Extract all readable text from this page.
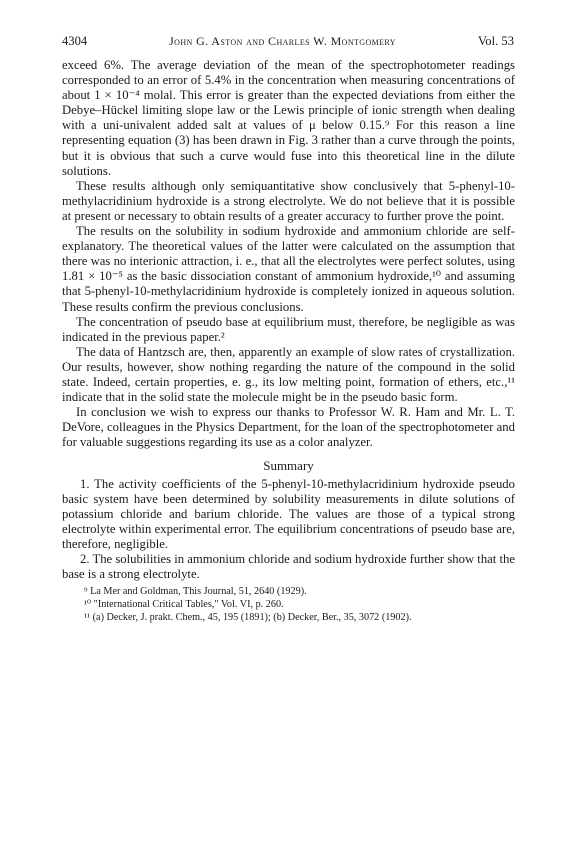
4304	John G. Aston and Charles W. Montgomery	Vol. 53

exceed 6%. The average deviation of the mean of the spectrophotometer readings corresponded to an error of 5.4% in the concentration when measuring concentrations of about 1 × 10⁻⁴ molal. This error is greater than the expected deviations from either the Debye–Hückel limiting slope law or the Lewis principle of ionic strength when dealing with a uni-univalent added salt at values of μ below 0.15.⁹ For this reason a line representing equation (3) has been drawn in Fig. 3 rather than a curve through the points, but it is obvious that such a curve would fuse into this theoretical line in the dilute solutions.

These results although only semiquantitative show conclusively that 5-phenyl-10-methylacridinium hydroxide is a strong electrolyte. We do not believe that it is possible at present or necessary to obtain results of a greater accuracy to further prove the point.

The results on the solubility in sodium hydroxide and ammonium chloride are self-explanatory. The theoretical values of the latter were calculated on the assumption that there was no interionic attraction, i. e., that all the electrolytes were perfect solutes, using 1.81 × 10⁻⁵ as the basic dissociation constant of ammonium hydroxide,¹⁰ and assuming that 5-phenyl-10-methylacridinium hydroxide is completely ionized in aqueous solution. These results confirm the previous conclusions.

The concentration of pseudo base at equilibrium must, therefore, be negligible as was indicated in the previous paper.²

The data of Hantzsch are, then, apparently an example of slow rates of crystallization. Our results, however, show nothing regarding the nature of the compound in the solid state. Indeed, certain properties, e. g., its low melting point, formation of ethers, etc.,¹¹ indicate that in the solid state the molecule might be in the pseudo basic form.

In conclusion we wish to express our thanks to Professor W. R. Ham and Mr. L. T. DeVore, colleagues in the Physics Department, for the loan of the spectrophotometer and for valuable suggestions regarding its use as a color analyzer.

Summary

1. The activity coefficients of the 5-phenyl-10-methylacridinium hydroxide pseudo basic system have been determined by solubility measurements in dilute solutions of potassium chloride and barium chloride. The values are those of a typical strong electrolyte within experimental error. The equilibrium concentrations of pseudo base are, therefore, negligible.

2. The solubilities in ammonium chloride and sodium hydroxide further show that the base is a strong electrolyte.

⁹ La Mer and Goldman, This Journal, 51, 2640 (1929).
¹⁰ "International Critical Tables," Vol. VI, p. 260.
¹¹ (a) Decker, J. prakt. Chem., 45, 195 (1891); (b) Decker, Ber., 35, 3072 (1902).
